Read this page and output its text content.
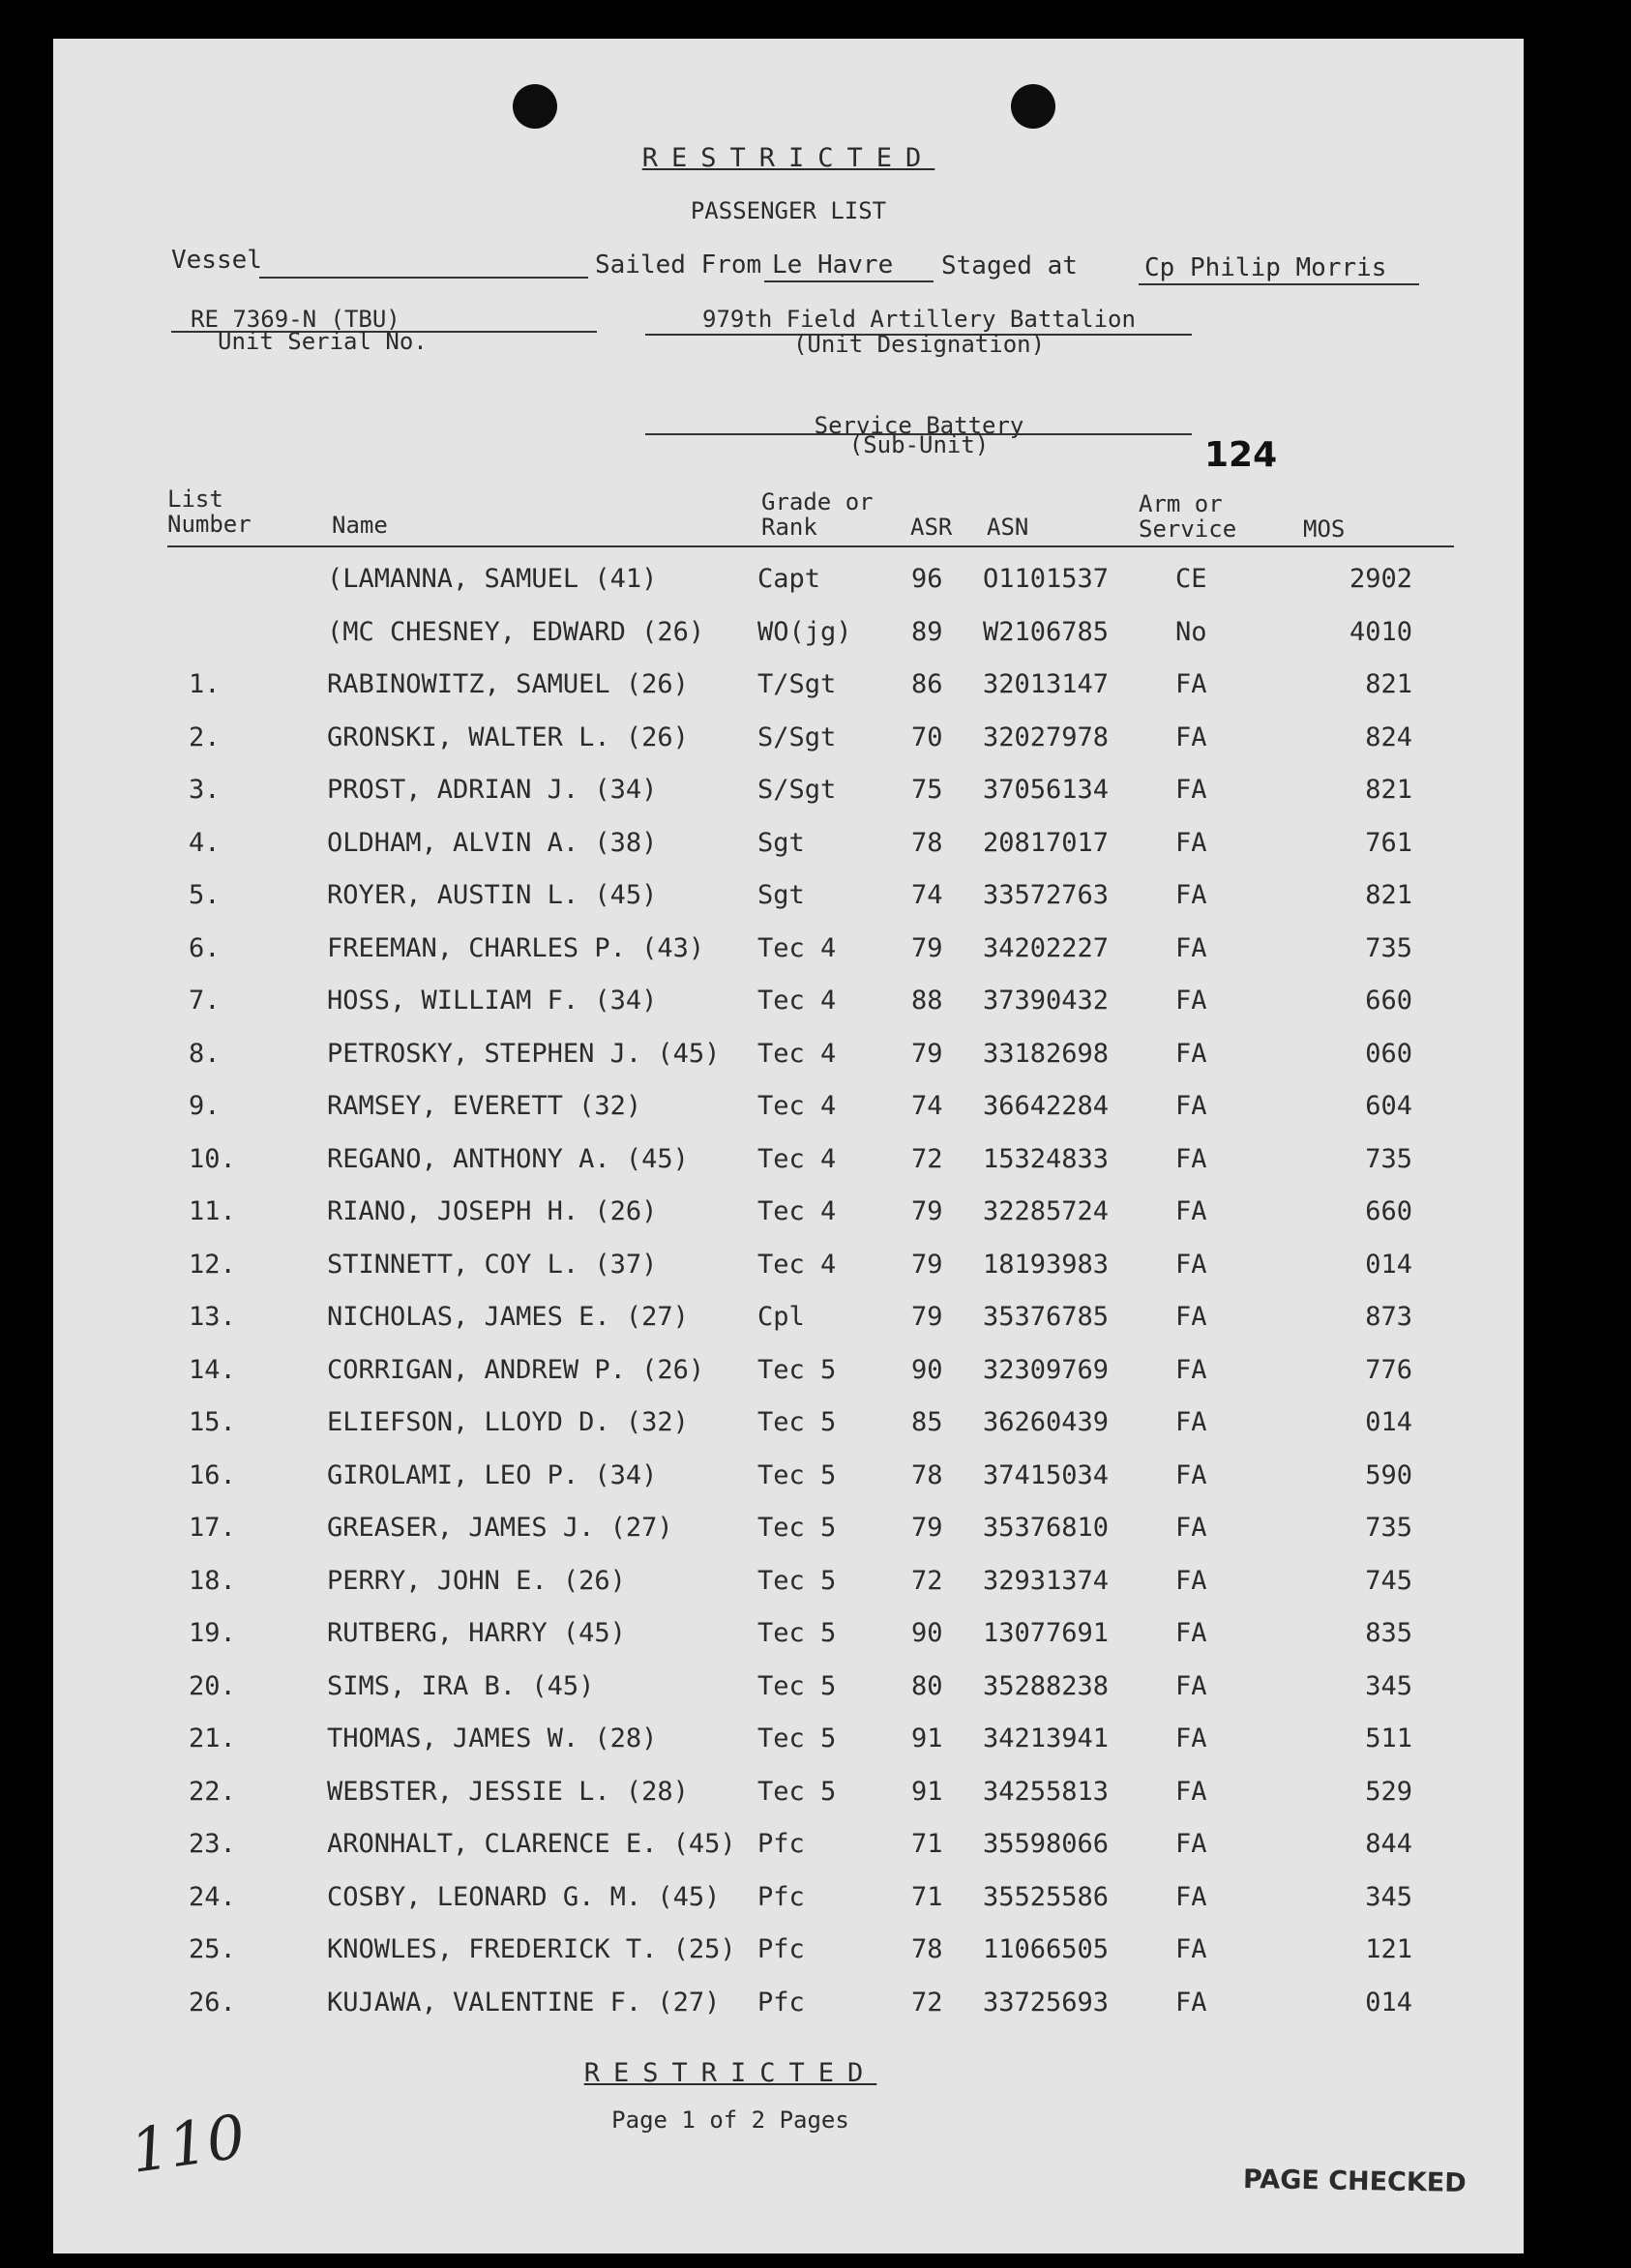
RESTRICTED
PASSENGER LIST
Vessel	Sailed From Le Havre Staged at	Cp Philip Morris
RE 7369-N (TBU)
Unit Serial No.
979th Field Artillery Battalion
(Unit Designation)
Service Battery
(Sub-Unit)	124
List
Number	Name
Grade or
Rank	ASR ASN
Arm or
Service	MOS
(LAMANNA, SAMUEL (41)	Capt	96 O1101537	CE	2902
(MC CHESNEY, EDWARD (26) WO(jg) 89 W2106785	No	4010
1.	RABINOWITZ, SAMUEL (26)	T/Sgt	86 32013147	FA	821
2.	GRONSKI, WALTER L. (26)	S/Sgt	70 32027978	FA	824
3.	PROST, ADRIAN J. (34)	S/Sgt	75 37056134	FA	821
4.	OLDHAM, ALVIN A. (38)	Sgt	78 20817017	FA	761
5.	ROYER, AUSTIN L. (45)	Sgt	74 33572763	FA	821
6.	FREEMAN, CHARLES P. (43) Tec 4	79 34202227	FA	735
7.	HOSS, WILLIAM F. (34)	Tec 4	88 37390432	FA	660
8.	PETROSKY, STEPHEN J. (45) Tec 4	79 33182698	FA	060
9.	RAMSEY, EVERETT (32)	Tec 4	74 36642284	FA	604
10.	REGANO, ANTHONY A. (45)	Tec 4	72 15324833	FA	735
11.	RIANO, JOSEPH H. (26)	Tec 4	79 32285724	FA	660
12.	STINNETT, COY L. (37)	Tec 4	79 18193983	FA	014
13.	NICHOLAS, JAMES E. (27)	Cpl	79 35376785	FA	873
14.	CORRIGAN, ANDREW P. (26) Tec 5	90 32309769	FA	776
15.	ELIEFSON, LLOYD D. (32)	Tec 5	85 36260439	FA	014
16.	GIROLAMI, LEO P. (34)	Tec 5	78 37415034	FA	590
17.	GREASER, JAMES J. (27)	Tec 5	79 35376810	FA	735
18.	PERRY, JOHN E. (26)	Tec 5	72 32931374	FA	745
19.	RUTBERG, HARRY (45)	Tec 5	90 13077691	FA	835
20.	SIMS, IRA B. (45)	Tec 5	80 35288238	FA	345
21.	THOMAS, JAMES W. (28)	Tec 5	91 34213941	FA	511
22.	WEBSTER, JESSIE L. (28)	Tec 5	91 34255813	FA	529
23.	ARONHALT, CLARENCE E. (45) Pfc	71 35598066	FA	844
24.	COSBY, LEONARD G. M. (45) Pfc	71 35525586	FA	345
25.	KNOWLES, FREDERICK T. (25) Pfc	78 11066505	FA	121
26.	KUJAWA, VALENTINE F. (27) Pfc	72 33725693	FA	014
RESTRICTED
Page 1 of 2 Pages
110	PAGE CHECKED
